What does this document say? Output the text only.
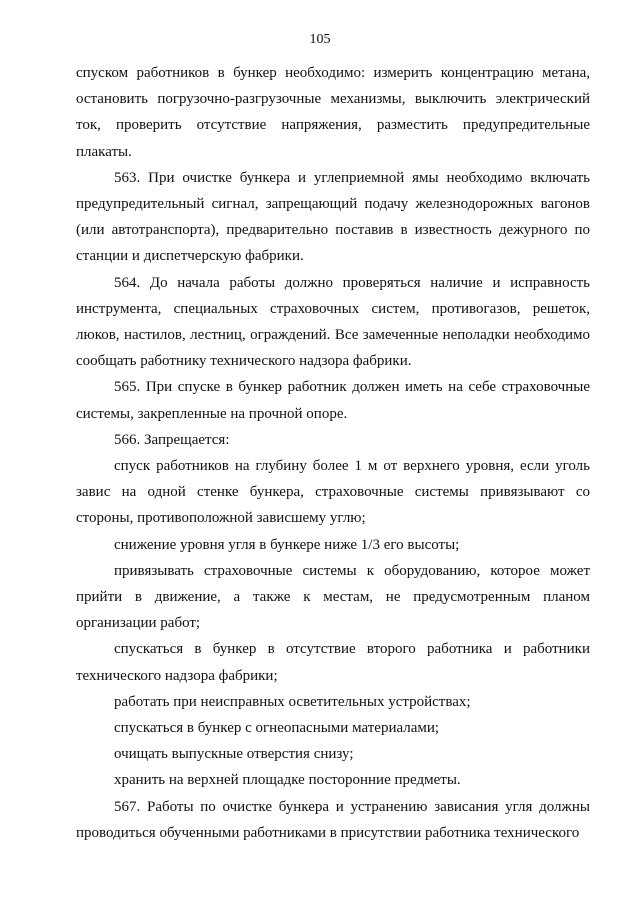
105

спуском работников в бункер необходимо: измерить концентрацию метана, остановить погрузочно-разгрузочные механизмы, выключить электрический ток, проверить отсутствие напряжения, разместить предупредительные плакаты.

563. При очистке бункера и углеприемной ямы необходимо включать предупредительный сигнал, запрещающий подачу железнодорожных вагонов (или автотранспорта), предварительно поставив в известность дежурного по станции и диспетчерскую фабрики.

564. До начала работы должно проверяться наличие и исправность инструмента, специальных страховочных систем, противогазов, решеток, люков, настилов, лестниц, ограждений. Все замеченные неполадки необходимо сообщать работнику технического надзора фабрики.

565. При спуске в бункер работник должен иметь на себе страховочные системы, закрепленные на прочной опоре.

566. Запрещается:

спуск работников на глубину более 1 м от верхнего уровня, если уголь завис на одной стенке бункера, страховочные системы привязывают со стороны, противоположной зависшему углю;

снижение уровня угля в бункере ниже 1/3 его высоты;

привязывать страховочные системы к оборудованию, которое может прийти в движение, а также к местам, не предусмотренным планом организации работ;

спускаться в бункер в отсутствие второго работника и работники технического надзора фабрики;

работать при неисправных осветительных устройствах;

спускаться в бункер с огнеопасными материалами;

очищать выпускные отверстия снизу;

хранить на верхней площадке посторонние предметы.

567. Работы по очистке бункера и устранению зависания угля должны проводиться обученными работниками в присутствии работника технического
